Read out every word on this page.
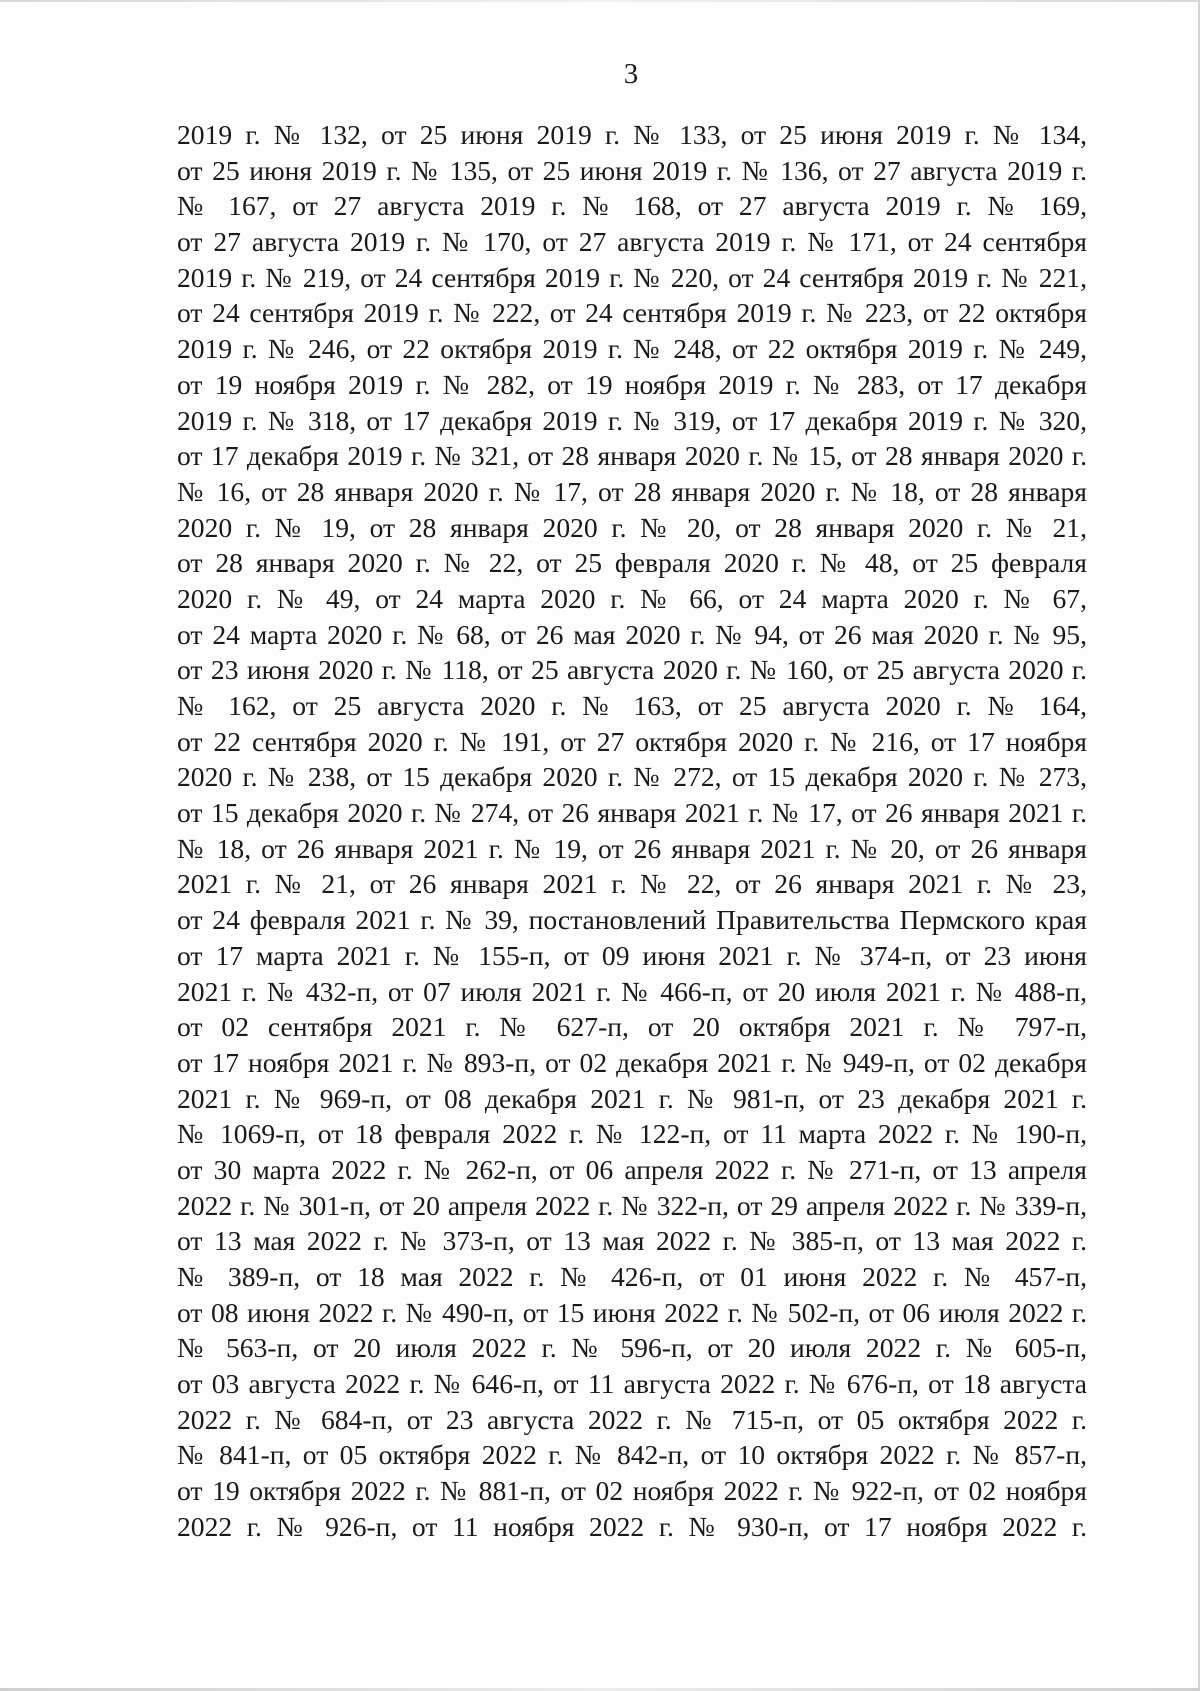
3
2019 г. № 132, от 25 июня 2019 г. № 133, от 25 июня 2019 г. № 134,
от 25 июня 2019 г. № 135, от 25 июня 2019 г. № 136, от 27 августа 2019 г.
№ 167, от 27 августа 2019 г. № 168, от 27 августа 2019 г. № 169,
от 27 августа 2019 г. № 170, от 27 августа 2019 г. № 171, от 24 сентября
2019 г. № 219, от 24 сентября 2019 г. № 220, от 24 сентября 2019 г. № 221,
от 24 сентября 2019 г. № 222, от 24 сентября 2019 г. № 223, от 22 октября
2019 г. № 246, от 22 октября 2019 г. № 248, от 22 октября 2019 г. № 249,
от 19 ноября 2019 г. № 282, от 19 ноября 2019 г. № 283, от 17 декабря
2019 г. № 318, от 17 декабря 2019 г. № 319, от 17 декабря 2019 г. № 320,
от 17 декабря 2019 г. № 321, от 28 января 2020 г. № 15, от 28 января 2020 г.
№ 16, от 28 января 2020 г. № 17, от 28 января 2020 г. № 18, от 28 января
2020 г. № 19, от 28 января 2020 г. № 20, от 28 января 2020 г. № 21,
от 28 января 2020 г. № 22, от 25 февраля 2020 г. № 48, от 25 февраля
2020 г. № 49, от 24 марта 2020 г. № 66, от 24 марта 2020 г. № 67,
от 24 марта 2020 г. № 68, от 26 мая 2020 г. № 94, от 26 мая 2020 г. № 95,
от 23 июня 2020 г. № 118, от 25 августа 2020 г. № 160, от 25 августа 2020 г.
№ 162, от 25 августа 2020 г. № 163, от 25 августа 2020 г. № 164,
от 22 сентября 2020 г. № 191, от 27 октября 2020 г. № 216, от 17 ноября
2020 г. № 238, от 15 декабря 2020 г. № 272, от 15 декабря 2020 г. № 273,
от 15 декабря 2020 г. № 274, от 26 января 2021 г. № 17, от 26 января 2021 г.
№ 18, от 26 января 2021 г. № 19, от 26 января 2021 г. № 20, от 26 января
2021 г. № 21, от 26 января 2021 г. № 22, от 26 января 2021 г. № 23,
от 24 февраля 2021 г. № 39, постановлений Правительства Пермского края
от 17 марта 2021 г. № 155-п, от 09 июня 2021 г. № 374-п, от 23 июня
2021 г. № 432-п, от 07 июля 2021 г. № 466-п, от 20 июля 2021 г. № 488-п,
от 02 сентября 2021 г. № 627-п, от 20 октября 2021 г. № 797-п,
от 17 ноября 2021 г. № 893-п, от 02 декабря 2021 г. № 949-п, от 02 декабря
2021 г. № 969-п, от 08 декабря 2021 г. № 981-п, от 23 декабря 2021 г.
№ 1069-п, от 18 февраля 2022 г. № 122-п, от 11 марта 2022 г. № 190-п,
от 30 марта 2022 г. № 262-п, от 06 апреля 2022 г. № 271-п, от 13 апреля
2022 г. № 301-п, от 20 апреля 2022 г. № 322-п, от 29 апреля 2022 г. № 339-п,
от 13 мая 2022 г. № 373-п, от 13 мая 2022 г. № 385-п, от 13 мая 2022 г.
№ 389-п, от 18 мая 2022 г. № 426-п, от 01 июня 2022 г. № 457-п,
от 08 июня 2022 г. № 490-п, от 15 июня 2022 г. № 502-п, от 06 июля 2022 г.
№ 563-п, от 20 июля 2022 г. № 596-п, от 20 июля 2022 г. № 605-п,
от 03 августа 2022 г. № 646-п, от 11 августа 2022 г. № 676-п, от 18 августа
2022 г. № 684-п, от 23 августа 2022 г. № 715-п, от 05 октября 2022 г.
№ 841-п, от 05 октября 2022 г. № 842-п, от 10 октября 2022 г. № 857-п,
от 19 октября 2022 г. № 881-п, от 02 ноября 2022 г. № 922-п, от 02 ноября
2022 г. № 926-п, от 11 ноября 2022 г. № 930-п, от 17 ноября 2022 г.
